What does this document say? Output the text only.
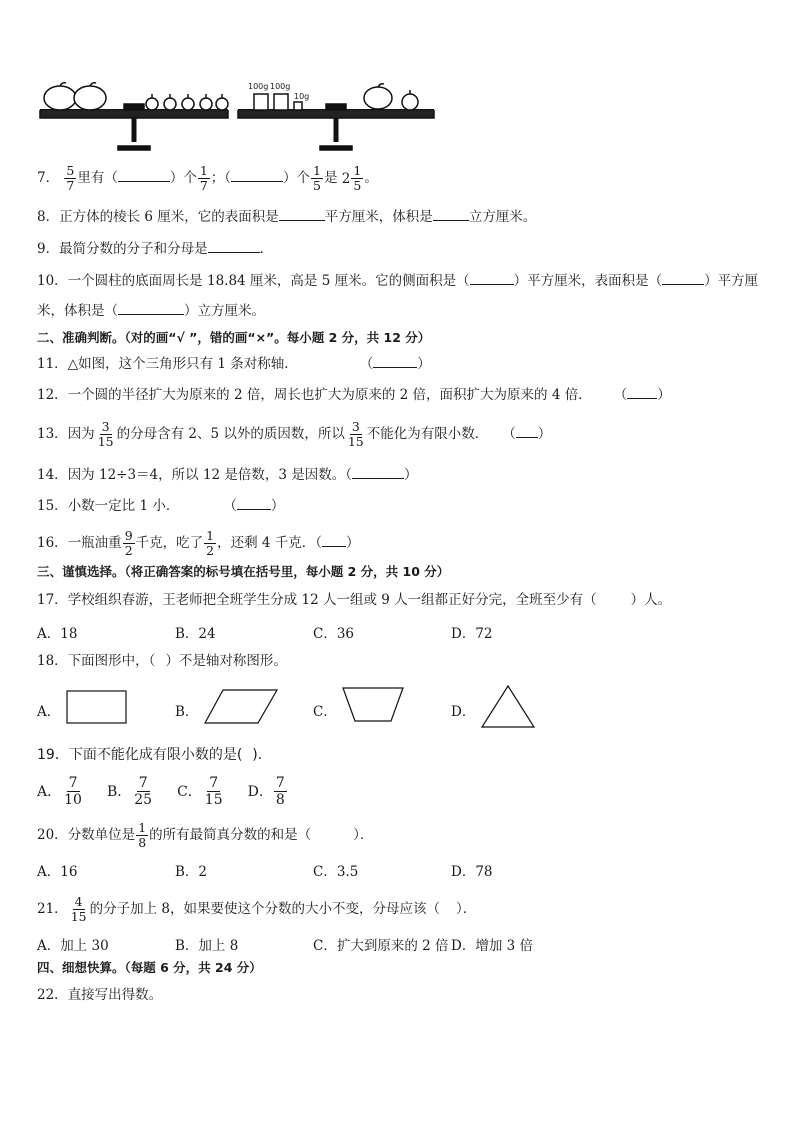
100g 100g
10g
7． $\frac{5}{7}$ 里有（	）个 $\frac{1}{7}$ ；（	）个 $\frac{1}{5}$ 是 2 1
5 。
8．正方体的棱长 6 厘米，它的表面积是	平方厘米，体积是	立方厘米。
9．最简分数的分子和分母是	．
10．一个圆柱的底面周长是 18.84 厘米，高是 5 厘米。它的侧面积是（	）平方厘米，表面积是（	）平方厘
米，体积是（	）立方厘米。
二、准确判断。（对的画“√ ”，错的画“×”。每小题 2 分，共 12 分）
11．△如图，这个三角形只有 1 条对称轴．	（	）
12．一个圆的半径扩大为原来的 2 倍，周长也扩大为原来的 2 倍，面积扩大为原来的 4 倍． （ ）
13．因为 $\frac{3}{15}$ 的分母含有 2、5 以外的质因数，所以 $\frac{3}{15}$ 不能化为有限小数． （ ）
14．因为 12÷3＝4，所以 12 是倍数，3 是因数。（	）
15．小数一定比 1 小．	（	）
16．一瓶油重 $\frac{9}{2}$ 千克，吃了 $\frac{1}{2}$ ，还剩 4 千克．（ ）
三、谨慎选择。（将正确答案的标号填在括号里，每小题 2 分，共 10 分）
17．学校组织春游，王老师把全班学生分成 12 人一组或 9 人一组都正好分完，全班至少有（	）人。
A．18	B．24	C．36	D．72
18．下面图形中，（ ）不是轴对称图形。
A．	B．	C．	D．
19．下面不能化成有限小数的是( ).
A． $\frac{7}{10}$ B． $\frac{7}{25}$ C． $\frac{7}{15}$ D． $\frac{7}{8}$
20．分数单位是 $\frac{1}{8}$ 的所有最简真分数的和是（	）．
A．16	B．2	C．3.5	D．78
21． $\frac{4}{15}$ 的分子加上 8，如果要使这个分数的大小不变，分母应该（ ）．
A．加上 30	B．加上 8	C．扩大到原来的 2 倍 D．增加 3 倍
四、细想快算。（每题 6 分，共 24 分）
22．直接写出得数。
